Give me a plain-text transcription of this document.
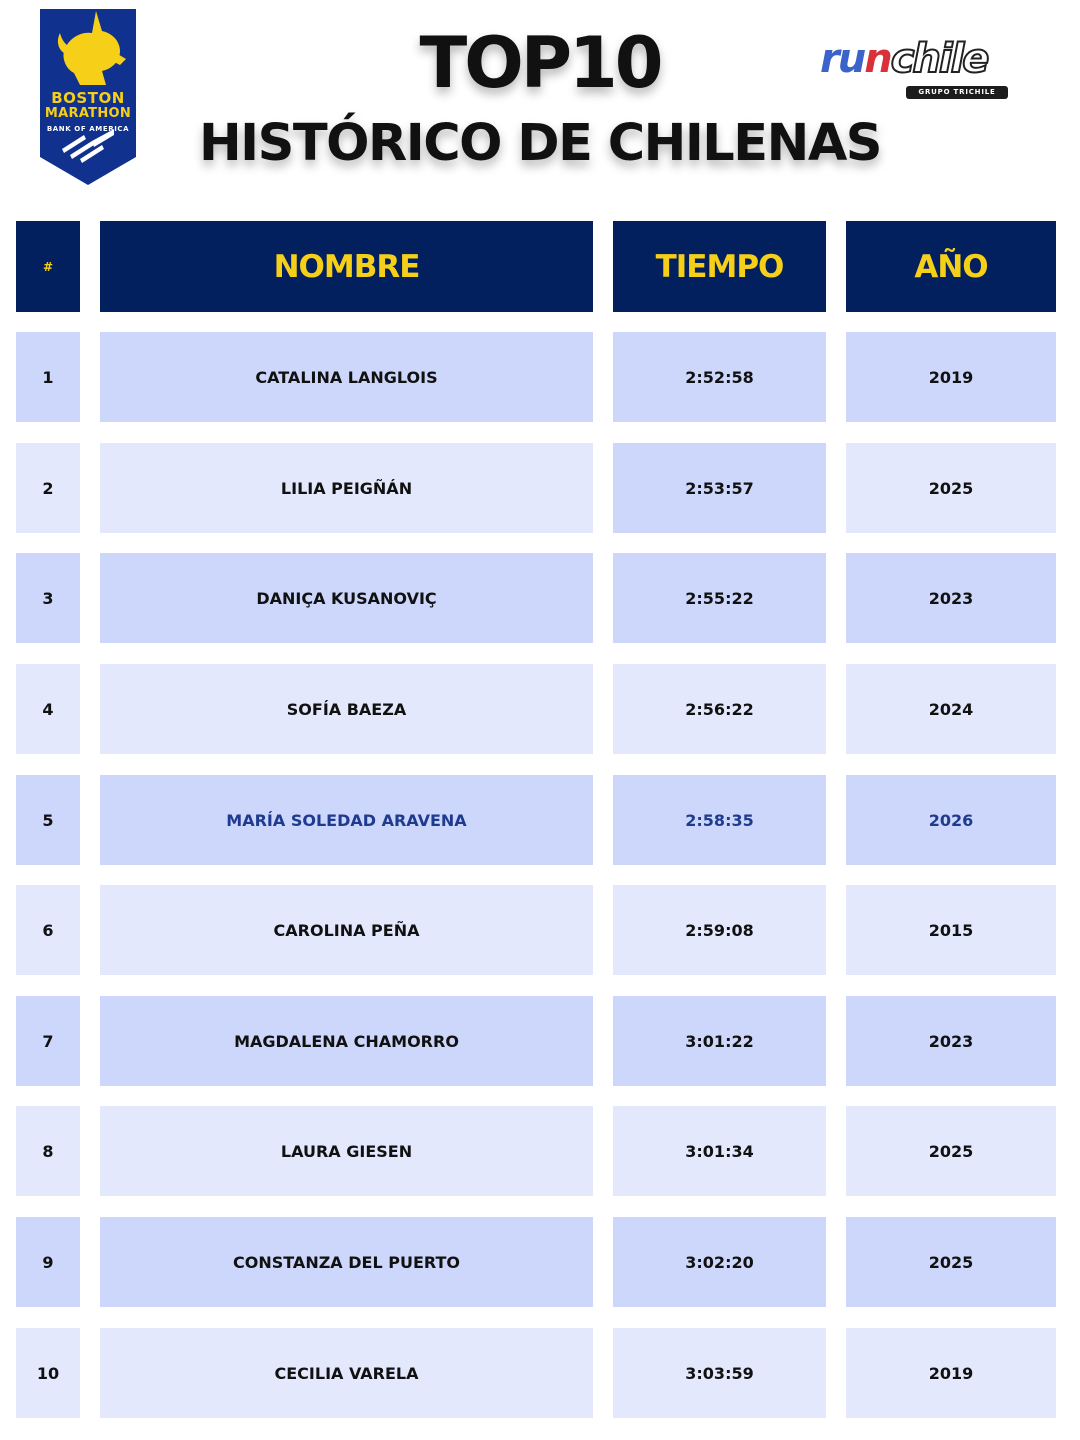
BOSTON
MARATHON
BANK OF AMERICA
TOP10
HISTÓRICO DE CHILENAS
runchile
GRUPO TRICHILE
#	NOMBRE	TIEMPO	AÑO
1	CATALINA LANGLOIS	2:52:58	2019
2	LILIA PEIGÑÁN	2:53:57	2025
3	DANIÇA KUSANOVIÇ	2:55:22	2023
4	SOFÍA BAEZA	2:56:22	2024
5	MARÍA SOLEDAD ARAVENA	2:58:35	2026
6	CAROLINA PEÑA	2:59:08	2015
7	MAGDALENA CHAMORRO	3:01:22	2023
8	LAURA GIESEN	3:01:34	2025
9	CONSTANZA DEL PUERTO	3:02:20	2025
10	CECILIA VARELA	3:03:59	2019
